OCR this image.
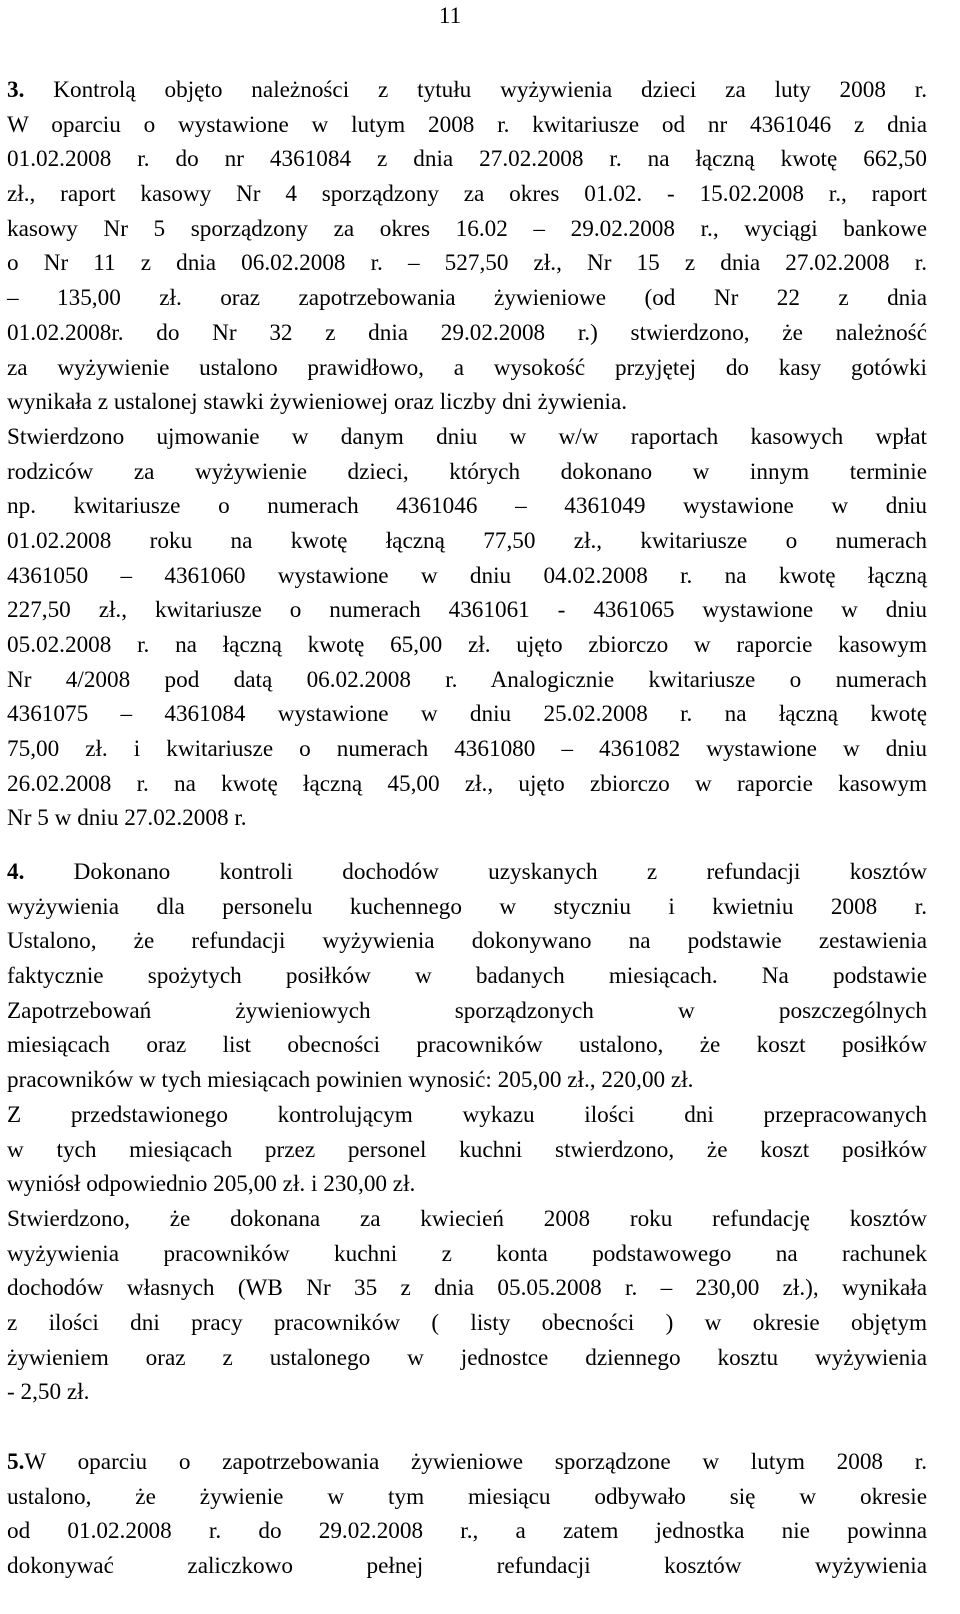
11
3. Kontrolą objęto należności z tytułu wyżywienia dzieci za luty 2008 r.
W oparciu o wystawione w lutym 2008 r. kwitariusze od nr 4361046 z dnia
01.02.2008 r. do nr 4361084 z dnia 27.02.2008 r. na łączną kwotę 662,50
zł., raport kasowy Nr 4 sporządzony za okres 01.02. - 15.02.2008 r., raport
kasowy Nr 5 sporządzony za okres 16.02 – 29.02.2008 r., wyciągi bankowe
o Nr 11 z dnia 06.02.2008 r. – 527,50 zł., Nr 15 z dnia 27.02.2008 r.
– 135,00 zł. oraz zapotrzebowania żywieniowe (od Nr 22 z dnia
01.02.2008r. do Nr 32 z dnia 29.02.2008 r.) stwierdzono, że należność
za wyżywienie ustalono prawidłowo, a wysokość przyjętej do kasy gotówki
wynikała z ustalonej stawki żywieniowej oraz liczby dni żywienia.
Stwierdzono ujmowanie w danym dniu w w/w raportach kasowych wpłat
rodziców za wyżywienie dzieci, których dokonano w innym terminie
np. kwitariusze o numerach 4361046 – 4361049 wystawione w dniu
01.02.2008 roku na kwotę łączną 77,50 zł., kwitariusze o numerach
4361050 – 4361060 wystawione w dniu 04.02.2008 r. na kwotę łączną
227,50 zł., kwitariusze o numerach 4361061 - 4361065 wystawione w dniu
05.02.2008 r. na łączną kwotę 65,00 zł. ujęto zbiorczo w raporcie kasowym
Nr 4/2008 pod datą 06.02.2008 r. Analogicznie kwitariusze o numerach
4361075 – 4361084 wystawione w dniu 25.02.2008 r. na łączną kwotę
75,00 zł. i kwitariusze o numerach 4361080 – 4361082 wystawione w dniu
26.02.2008 r. na kwotę łączną 45,00 zł., ujęto zbiorczo w raporcie kasowym
Nr 5 w dniu 27.02.2008 r.
4. Dokonano kontroli dochodów uzyskanych z refundacji kosztów
wyżywienia dla personelu kuchennego w styczniu i kwietniu 2008 r.
Ustalono, że refundacji wyżywienia dokonywano na podstawie zestawienia
faktycznie spożytych posiłków w badanych miesiącach. Na podstawie
Zapotrzebowań żywieniowych sporządzonych w poszczególnych
miesiącach oraz list obecności pracowników ustalono, że koszt posiłków
pracowników w tych miesiącach powinien wynosić: 205,00 zł., 220,00 zł.
Z przedstawionego kontrolującym wykazu ilości dni przepracowanych
w tych miesiącach przez personel kuchni stwierdzono, że koszt posiłków
wyniósł odpowiednio 205,00 zł. i 230,00 zł.
Stwierdzono, że dokonana za kwiecień 2008 roku refundację kosztów
wyżywienia pracowników kuchni z konta podstawowego na rachunek
dochodów własnych (WB Nr 35 z dnia 05.05.2008 r. – 230,00 zł.), wynikała
z ilości dni pracy pracowników ( listy obecności ) w okresie objętym
żywieniem oraz z ustalonego w jednostce dziennego kosztu wyżywienia
- 2,50 zł.
5.W oparciu o zapotrzebowania żywieniowe sporządzone w lutym 2008 r.
ustalono, że żywienie w tym miesiącu odbywało się w okresie
od 01.02.2008 r. do 29.02.2008 r., a zatem jednostka nie powinna
dokonywać zaliczkowo pełnej refundacji kosztów wyżywienia
